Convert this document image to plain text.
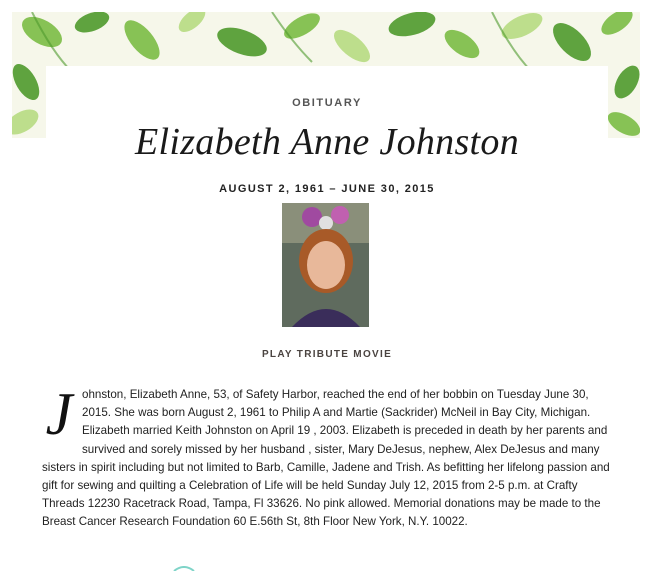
OBITUARY
Elizabeth Anne Johnston
AUGUST 2, 1961 – JUNE 30, 2015
PLAY TRIBUTE MOVIE
J ohnston, Elizabeth Anne, 53, of Safety Harbor, reached the end of her bobbin on Tuesday June 30, 2015. She was born August 2, 1961 to Philip A and Martie (Sackrider) McNeil in Bay City, Michigan. Elizabeth married Keith Johnston on April 19 , 2003. Elizabeth is preceded in death by her parents and survived and sorely missed by her husband , sister, Mary DeJesus, nephew, Alex DeJesus and many sisters in spirit including but not limited to Barb, Camille, Jadene and Trish. As befitting her lifelong passion and gift for sewing and quilting a Celebration of Life will be held Sunday July 12, 2015 from 2-5 p.m. at Crafty Threads 12230 Racetrack Road, Tampa, Fl 33626. No pink allowed. Memorial donations may be made to the Breast Cancer Research Foundation 60 E.56th St, 8th Floor New York, N.Y. 10022.
